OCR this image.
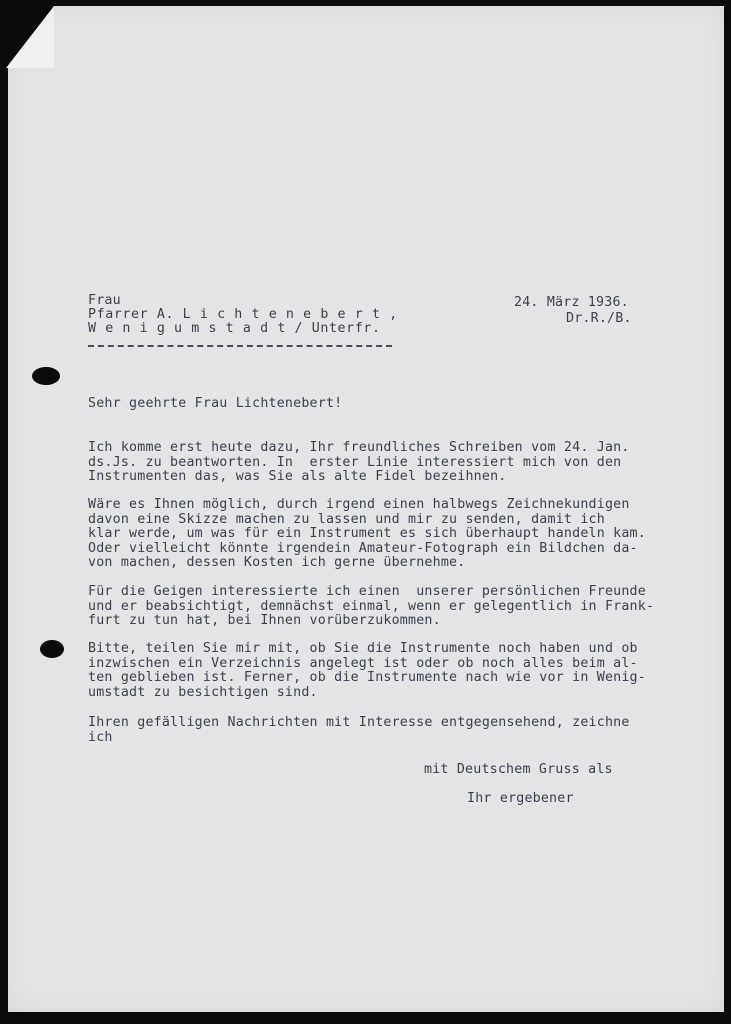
Frau
Pfarrer A. L i c h t e n e b e r t ,
W e n i g u m s t a d t / Unterfr.
24. März 1936.
Dr.R./B.
Sehr geehrte Frau Lichtenebert!
Ich komme erst heute dazu, Ihr freundliches Schreiben vom 24. Jan.
ds.Js. zu beantworten. In  erster Linie interessiert mich von den
Instrumenten das, was Sie als alte Fidel bezeihnen.
Wäre es Ihnen möglich, durch irgend einen halbwegs Zeichnekundigen
davon eine Skizze machen zu lassen und mir zu senden, damit ich
klar werde, um was für ein Instrument es sich überhaupt handeln kam.
Oder vielleicht könnte irgendein Amateur-Fotograph ein Bildchen da-
von machen, dessen Kosten ich gerne übernehme.
Für die Geigen interessierte ich einen  unserer persönlichen Freunde
und er beabsichtigt, demnächst einmal, wenn er gelegentlich in Frank-
furt zu tun hat, bei Ihnen vorüberzukommen.
Bitte, teilen Sie mir mit, ob Sie die Instrumente noch haben und ob
inzwischen ein Verzeichnis angelegt ist oder ob noch alles beim al-
ten geblieben ist. Ferner, ob die Instrumente nach wie vor in Wenig-
umstadt zu besichtigen sind.
Ihren gefälligen Nachrichten mit Interesse entgegensehend, zeichne
ich
mit Deutschem Gruss als
Ihr ergebener
